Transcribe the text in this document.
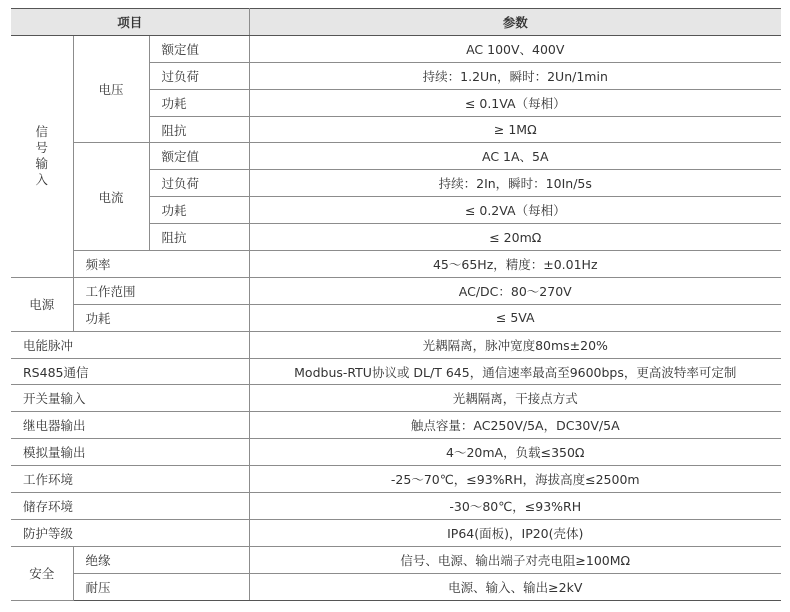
项目			参数
信号输入	电压	额定值	AC 100V、400V
		过负荷	持续：1.2Un，瞬时：2Un/1min
		功耗	≤ 0.1VA（每相）
		阻抗	≥ 1MΩ
	电流	额定值	AC 1A、5A
		过负荷	持续：2In，瞬时：10In/5s
		功耗	≤ 0.2VA（每相）
		阻抗	≤ 20mΩ
	频率		45～65Hz，精度：±0.01Hz
电源	工作范围		AC/DC：80～270V
	功耗		≤ 5VA
电能脉冲			光耦隔离，脉冲宽度80ms±20%
RS485通信			Modbus-RTU协议或 DL/T 645，通信速率最高至9600bps，更高波特率可定制
开关量输入			光耦隔离，干接点方式
继电器输出			触点容量：AC250V/5A，DC30V/5A
模拟量输出			4～20mA，负载≤350Ω
工作环境			-25～70℃，≤93%RH，海拔高度≤2500m
储存环境			-30～80℃，≤93%RH
防护等级			IP64(面板)，IP20(壳体)
安全	绝缘		信号、电源、输出端子对壳电阻≥100MΩ
	耐压		电源、输入、输出≥2kV
